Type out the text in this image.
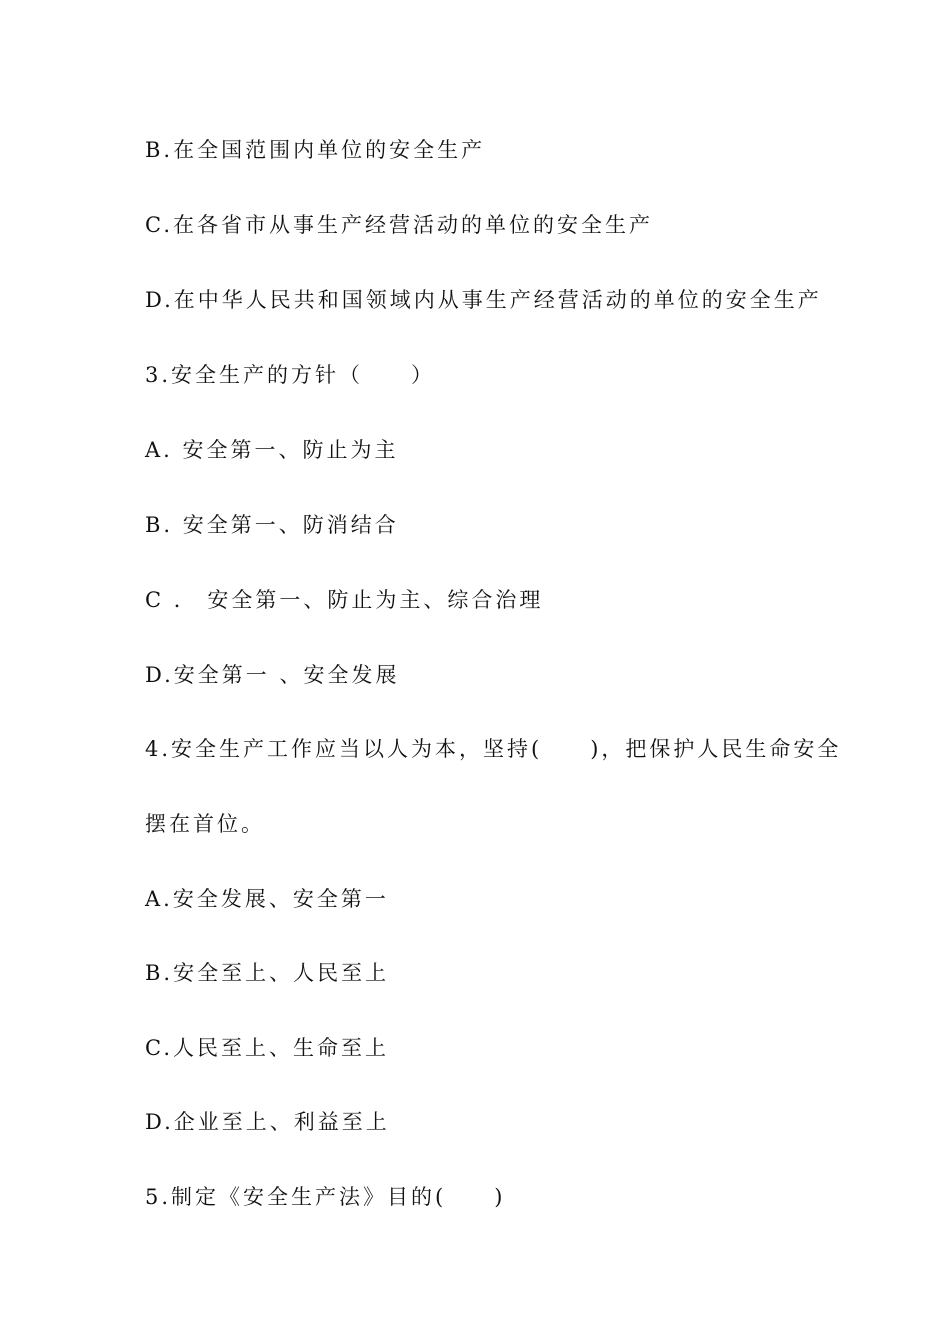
B.在全国范围内单位的安全生产
C.在各省市从事生产经营活动的单位的安全生产
D.在中华人民共和国领域内从事生产经营活动的单位的安全生产
3.安全生产的方针（　　）
A. 安全第一、防止为主
B. 安全第一、防消结合
C ． 安全第一、防止为主、综合治理
D.安全第一 、安全发展
4.安全生产工作应当以人为本，坚持(　　)，把保护人民生命安全
摆在首位。
A.安全发展、安全第一
B.安全至上、人民至上
C.人民至上、生命至上
D.企业至上、利益至上
5.制定《安全生产法》目的(　　)
